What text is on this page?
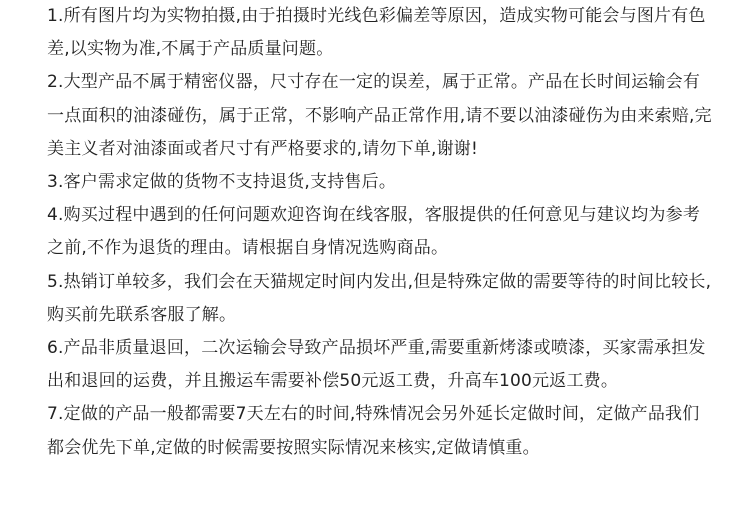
1.所有图片均为实物拍摄,由于拍摄时光线色彩偏差等原因，造成实物可能会与图片有色差,以实物为准,不属于产品质量问题。

2.大型产品不属于精密仪器，尺寸存在一定的误差，属于正常。产品在长时间运输会有一点面积的油漆碰伤，属于正常，不影响产品正常作用,请不要以油漆碰伤为由来索赔,完美主义者对油漆面或者尺寸有严格要求的,请勿下单,谢谢!

3.客户需求定做的货物不支持退货,支持售后。

4.购买过程中遇到的任何问题欢迎咨询在线客服，客服提供的任何意见与建议均为参考之前,不作为退货的理由。请根据自身情况选购商品。

5.热销订单较多，我们会在天猫规定时间内发出,但是特殊定做的需要等待的时间比较长,购买前先联系客服了解。

6.产品非质量退回，二次运输会导致产品损坏严重,需要重新烤漆或喷漆，买家需承担发出和退回的运费，并且搬运车需要补偿50元返工费，升高车100元返工费。

7.定做的产品一般都需要7天左右的时间,特殊情况会另外延长定做时间，定做产品我们都会优先下单,定做的时候需要按照实际情况来核实,定做请慎重。
